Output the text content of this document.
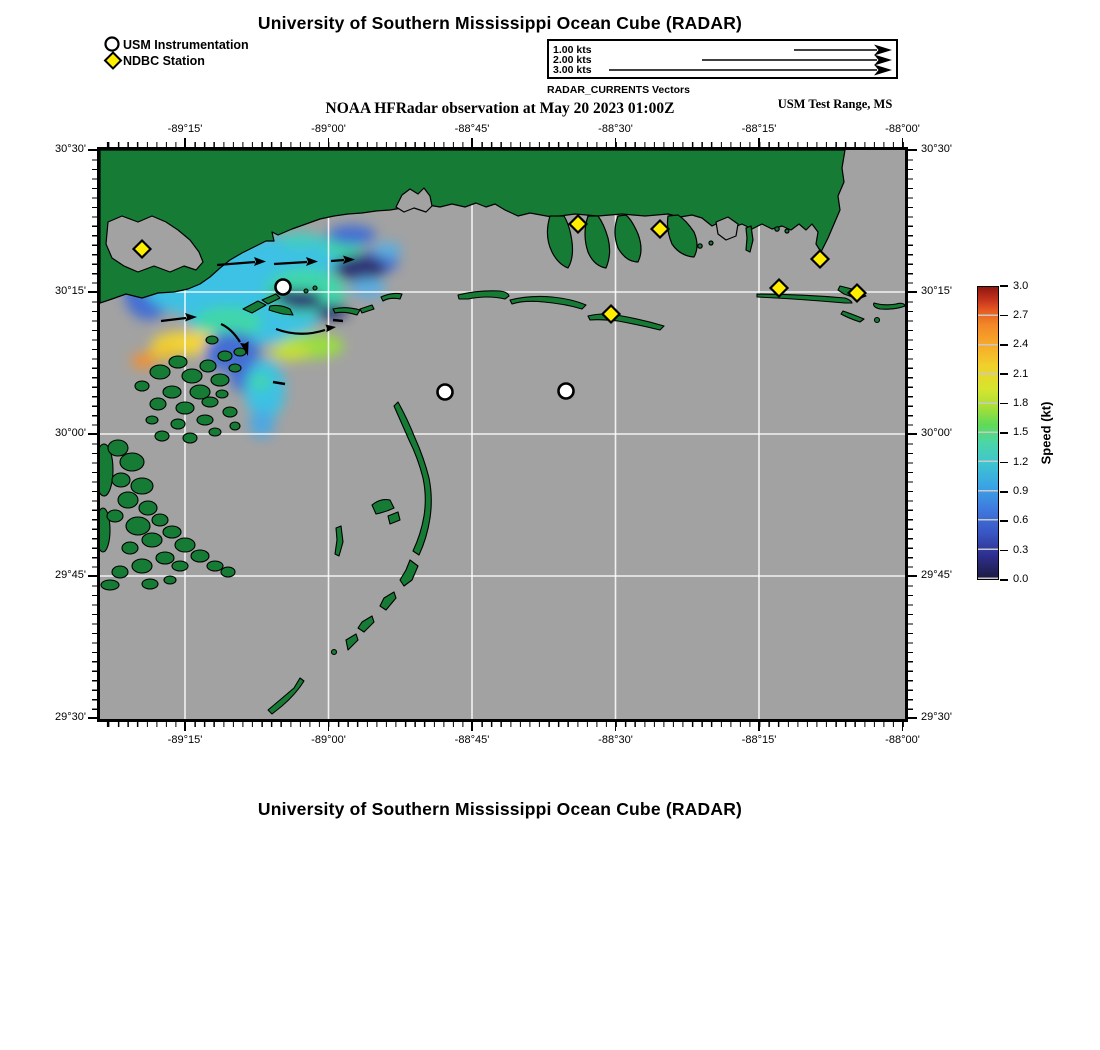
University of Southern Mississippi Ocean Cube (RADAR)
USM Instrumentation
NDBC Station
1.00 kts
2.00 kts
3.00 kts
RADAR_CURRENTS Vectors
NOAA HFRadar observation at May 20 2023 01:00Z	USM Test Range, MS
-89°15'	-89°00'	-88°45'	-88°30'	-88°15'	-88°00'
-89°15'	-89°00'	-88°45'	-88°30'	-88°15'	-88°00'
30°30'
30°15'
30°00'
29°45'
29°30'
30°30'
30°15'
30°00'
29°45'
29°30'
3.0
2.7
2.4
2.1
1.8
1.5
1.2
0.9
0.6
0.3
0.0
Speed (kt)
University of Southern Mississippi Ocean Cube (RADAR)
